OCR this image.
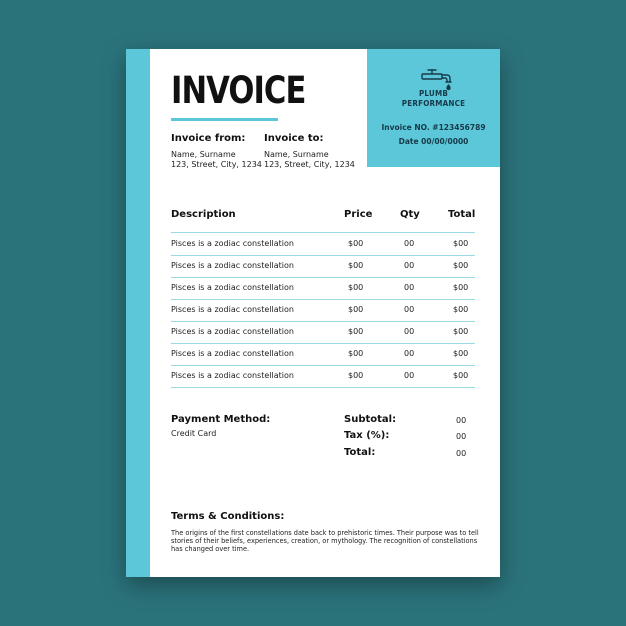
PLUMB
PERFORMANCE
Invoice NO. #123456789
Date 00/00/0000
INVOICE
Invoice from:
Name, Surname
123, Street, City, 1234
Invoice to:
Name, Surname
123, Street, City, 1234
Description	Price	Qty	Total
Pisces is a zodiac constellation	$00	00	$00
Pisces is a zodiac constellation	$00	00	$00
Pisces is a zodiac constellation	$00	00	$00
Pisces is a zodiac constellation	$00	00	$00
Pisces is a zodiac constellation	$00	00	$00
Pisces is a zodiac constellation	$00	00	$00
Pisces is a zodiac constellation	$00	00	$00
Payment Method:
Credit Card
Subtotal:	00
Tax (%):	00
Total:	00
Terms & Conditions:
The origins of the first constellations date back to prehistoric times. Their purpose was to tell stories of their beliefs, experiences, creation, or mythology. The recognition of constellations has changed over time.
